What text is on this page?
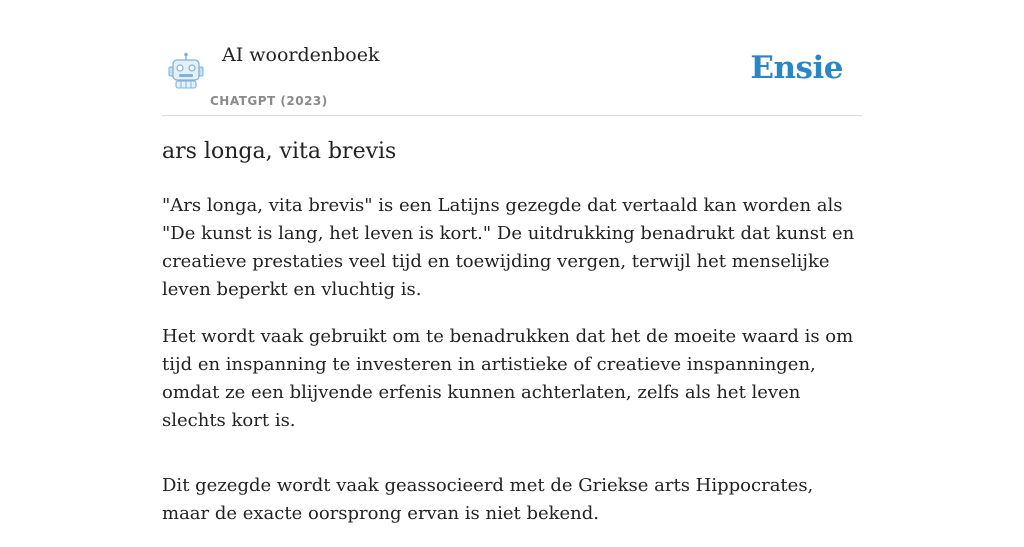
AI woordenboek
CHATGPT (2023)
Ensie
ars longa, vita brevis

"Ars longa, vita brevis" is een Latijns gezegde dat vertaald kan worden als "De kunst is lang, het leven is kort." De uitdrukking benadrukt dat kunst en creatieve prestaties veel tijd en toewijding vergen, terwijl het menselijke leven beperkt en vluchtig is.

Het wordt vaak gebruikt om te benadrukken dat het de moeite waard is om tijd en inspanning te investeren in artistieke of creatieve inspanningen, omdat ze een blijvende erfenis kunnen achterlaten, zelfs als het leven slechts kort is.

Dit gezegde wordt vaak geassocieerd met de Griekse arts Hippocrates, maar de exacte oorsprong ervan is niet bekend.
